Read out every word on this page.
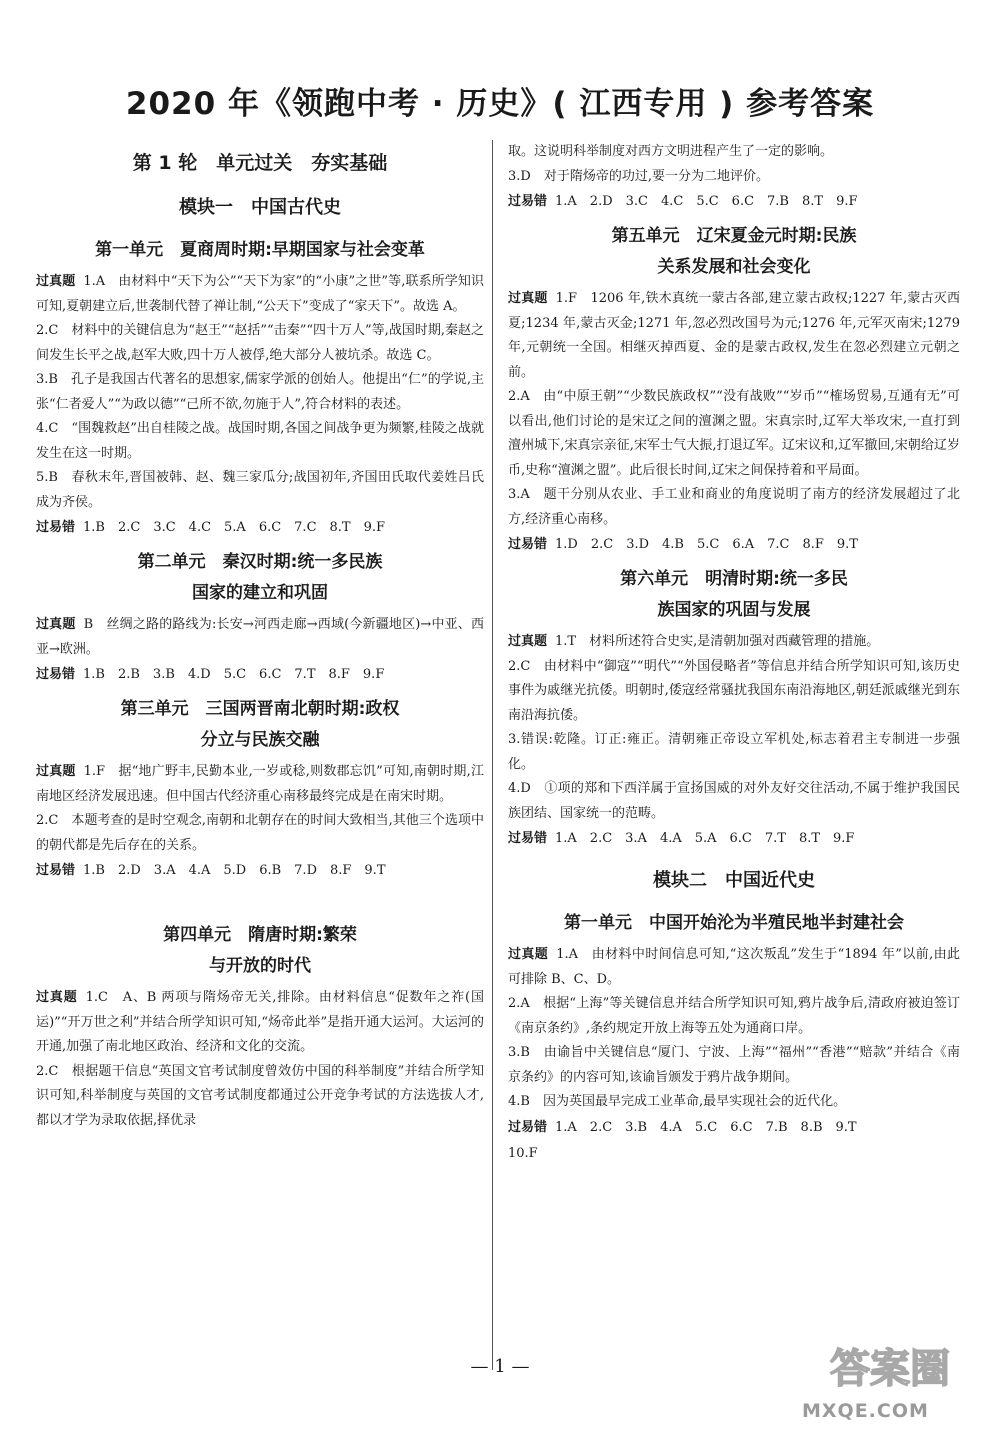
2020 年《领跑中考 · 历史》( 江西专用 ) 参考答案
第 1 轮　单元过关　夯实基础
模块一　中国古代史
第一单元　夏商周时期:早期国家与社会变革

过真题 1.A　由材料中“天下为公”“天下为家”的“小康”之世”等,联系所学知识可知,夏朝建立后,世袭制代替了禅让制,“公天下”变成了“家天下”。故选 A。

2.C　材料中的关键信息为“赵王”“赵括”“击秦”“四十万人”等,战国时期,秦赵之间发生长平之战,赵军大败,四十万人被俘,绝大部分人被坑杀。故选 C。

3.B　孔子是我国古代著名的思想家,儒家学派的创始人。他提出“仁”的学说,主张“仁者爱人”“为政以德”“己所不欲,勿施于人”,符合材料的表述。

4.C　“围魏救赵”出自桂陵之战。战国时期,各国之间战争更为频繁,桂陵之战就发生在这一时期。

5.B　春秋末年,晋国被韩、赵、魏三家瓜分;战国初年,齐国田氏取代姜姓吕氏成为齐侯。

过易错 1.B　2.C　3.C　4.C　5.A　6.C　7.C　8.T　9.F

第二单元　秦汉时期:统一多民族
国家的建立和巩固

过真题 B　丝绸之路的路线为:长安→河西走廊→西域(今新疆地区)→中亚、西亚→欧洲。

过易错 1.B　2.B　3.B　4.D　5.C　6.C　7.T　8.F　9.F

第三单元　三国两晋南北朝时期:政权
分立与民族交融

过真题 1.F　据“地广野丰,民勤本业,一岁或稔,则数郡忘饥”可知,南朝时期,江南地区经济发展迅速。但中国古代经济重心南移最终完成是在南宋时期。

2.C　本题考查的是时空观念,南朝和北朝存在的时间大致相当,其他三个选项中的朝代都是先后存在的关系。

过易错 1.B　2.D　3.A　4.A　5.D　6.B　7.D　8.F　9.T

第四单元　隋唐时期:繁荣
与开放的时代

过真题 1.C　A、B 两项与隋炀帝无关,排除。由材料信息“促数年之祚(国运)”“开万世之利”并结合所学知识可知,“炀帝此举”是指开通大运河。大运河的开通,加强了南北地区政治、经济和文化的交流。

2.C　根据题干信息“英国文官考试制度曾效仿中国的科举制度”并结合所学知识可知,科举制度与英国的文官考试制度都通过公开竞争考试的方法选拔人才,都以才学为录取依据,择优录

取。这说明科举制度对西方文明进程产生了一定的影响。

3.D　对于隋炀帝的功过,要一分为二地评价。

过易错 1.A　2.D　3.C　4.C　5.C　6.C　7.B　8.T　9.F

第五单元　辽宋夏金元时期:民族
关系发展和社会变化

过真题 1.F　1206 年,铁木真统一蒙古各部,建立蒙古政权;1227 年,蒙古灭西夏;1234 年,蒙古灭金;1271 年,忽必烈改国号为元;1276 年,元军灭南宋;1279 年,元朝统一全国。相继灭掉西夏、金的是蒙古政权,发生在忽必烈建立元朝之前。

2.A　由“中原王朝”“少数民族政权”“没有战败”“岁币”“榷场贸易,互通有无”可以看出,他们讨论的是宋辽之间的澶渊之盟。宋真宗时,辽军大举攻宋,一直打到澶州城下,宋真宗亲征,宋军士气大振,打退辽军。辽宋议和,辽军撤回,宋朝给辽岁币,史称“澶渊之盟”。此后很长时间,辽宋之间保持着和平局面。

3.A　题干分别从农业、手工业和商业的角度说明了南方的经济发展超过了北方,经济重心南移。

过易错 1.D　2.C　3.D　4.B　5.C　6.A　7.C　8.F　9.T

第六单元　明清时期:统一多民
族国家的巩固与发展

过真题 1.T　材料所述符合史实,是清朝加强对西藏管理的措施。

2.C　由材料中“御寇”“明代”“外国侵略者”等信息并结合所学知识可知,该历史事件为戚继光抗倭。明朝时,倭寇经常骚扰我国东南沿海地区,朝廷派戚继光到东南沿海抗倭。

3.错误:乾隆。订正:雍正。清朝雍正帝设立军机处,标志着君主专制进一步强化。

4.D　①项的郑和下西洋属于宣扬国威的对外友好交往活动,不属于维护我国民族团结、国家统一的范畴。

过易错 1.A　2.C　3.A　4.A　5.A　6.C　7.T　8.T　9.F

模块二　中国近代史
第一单元　中国开始沦为半殖民地半封建社会

过真题 1.A　由材料中时间信息可知,“这次叛乱”发生于“1894 年”以前,由此可排除 B、C、D。

2.A　根据“上海”等关键信息并结合所学知识可知,鸦片战争后,清政府被迫签订《南京条约》,条约规定开放上海等五处为通商口岸。

3.B　由谕旨中关键信息“厦门、宁波、上海”“福州”“香港”“赔款”并结合《南京条约》的内容可知,该谕旨颁发于鸦片战争期间。

4.B　因为英国最早完成工业革命,最早实现社会的近代化。

过易错 1.A　2.C　3.B　4.A　5.C　6.C　7.B　8.B　9.T

10.F

— 1 —	答案圈
MXQE.COM
